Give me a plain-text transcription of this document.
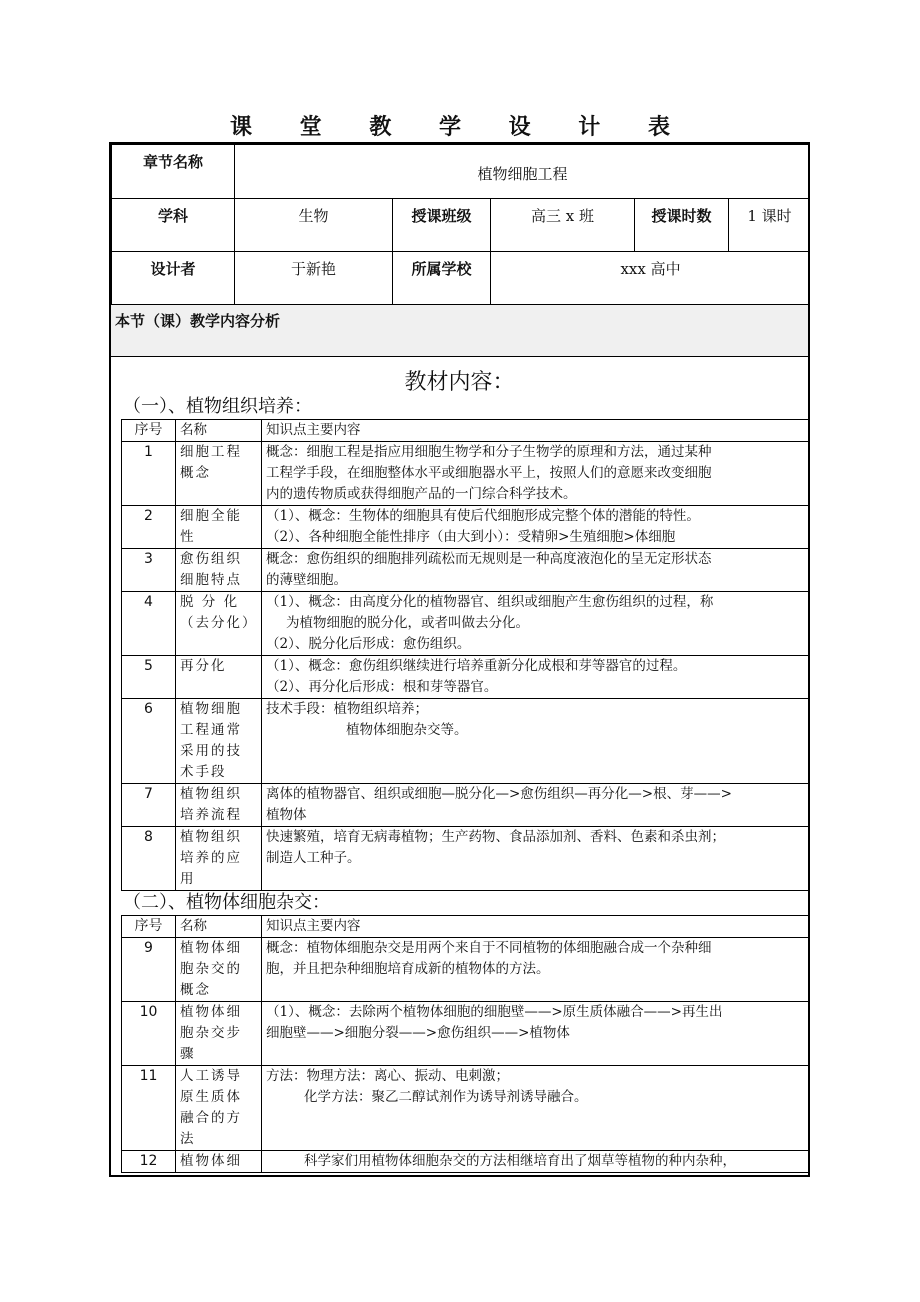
课 堂 教 学 设 计 表
章节名称	植物细胞工程				
学科	生物	授课班级	高三 x 班	授课时数	1 课时
设计者	于新艳	所属学校	xxx 高中		
本节（课）教学内容分析
教材内容：
（一）、植物组织培养：
序号	名称	知识点主要内容
1	细胞工程概念	概念：细胞工程是指应用细胞生物学和分子生物学的原理和方法，通过某种
工程学手段，在细胞整体水平或细胞器水平上，按照人们的意愿来改变细胞
内的遗传物质或获得细胞产品的一门综合科学技术。

2	细胞全能性	（1）、概念：生物体的细胞具有使后代细胞形成完整个体的潜能的特性。
（2）、各种细胞全能性排序（由大到小）：受精卵>生殖细胞>体细胞

3	愈伤组织细胞特点	概念：愈伤组织的细胞排列疏松而无规则是一种高度液泡化的呈无定形状态
的薄壁细胞。

4	脱 分 化（去分化）	（1）、概念：由高度分化的植物器官、组织或细胞产生愈伤组织的过程，称
为植物细胞的脱分化，或者叫做去分化。
（2）、脱分化后形成：愈伤组织。

5	再分化	（1）、概念：愈伤组织继续进行培养重新分化成根和芽等器官的过程。
（2）、再分化后形成：根和芽等器官。

6	植物细胞工程通常采用的技术手段	技术手段：植物组织培养；
植物体细胞杂交等。

7	植物组织培养流程	离体的植物器官、组织或细胞—脱分化—>愈伤组织—再分化—>根、芽——>
植物体

8	植物组织培养的应用	快速繁殖，培育无病毒植物；生产药物、食品添加剂、香料、色素和杀虫剂；
制造人工种子。
（二）、植物体细胞杂交：
序号	名称	知识点主要内容
9	植物体细胞杂交的概念	概念：植物体细胞杂交是用两个来自于不同植物的体细胞融合成一个杂种细
胞，并且把杂种细胞培育成新的植物体的方法。

10	植物体细胞杂交步骤	（1）、概念：去除两个植物体细胞的细胞壁——>原生质体融合——>再生出
细胞壁——>细胞分裂——>愈伤组织——>植物体

11	人工诱导原生质体融合的方法	方法：物理方法：离心、振动、电刺激；
化学方法：聚乙二醇试剂作为诱导剂诱导融合。

12	植物体细	科学家们用植物体细胞杂交的方法相继培育出了烟草等植物的种内杂种，
